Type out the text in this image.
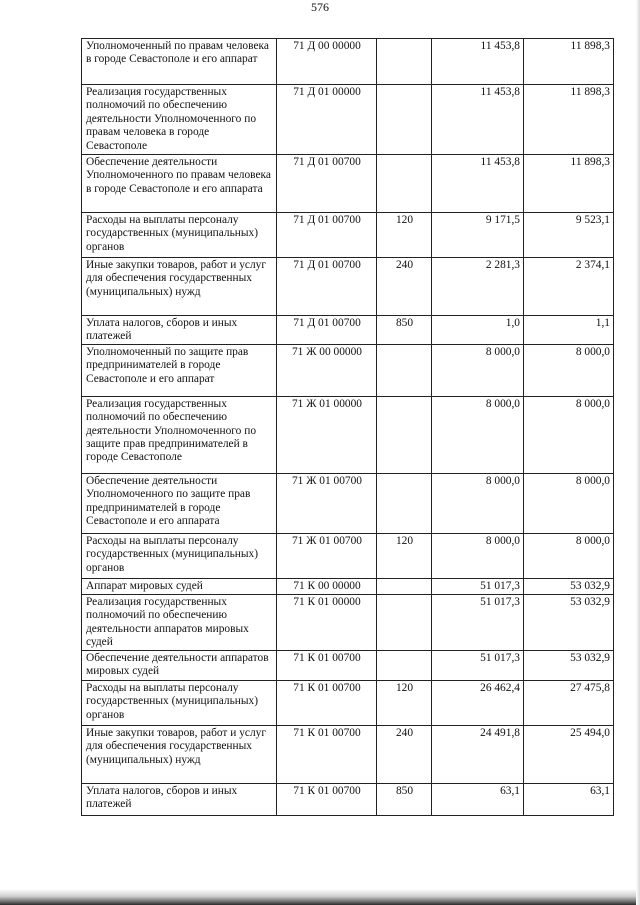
576
Уполномоченный по правам человека в городе Севастополе и его аппарат	71 Д 00 00000		11 453,8	11 898,3
Реализация государственных полномочий по обеспечению деятельности Уполномоченного по правам человека в городе Севастополе	71 Д 01 00000		11 453,8	11 898,3
Обеспечение деятельности Уполномоченного по правам человека в городе Севастополе и его аппарата	71 Д 01 00700		11 453,8	11 898,3
Расходы на выплаты персоналу государственных (муниципальных) органов	71 Д 01 00700	120	9 171,5	9 523,1
Иные закупки товаров, работ и услуг для обеспечения государственных (муниципальных) нужд	71 Д 01 00700	240	2 281,3	2 374,1
Уплата налогов, сборов и иных платежей	71 Д 01 00700	850	1,0	1,1
Уполномоченный по защите прав предпринимателей в городе Севастополе и его аппарат	71 Ж 00 00000		8 000,0	8 000,0
Реализация государственных полномочий по обеспечению деятельности Уполномоченного по защите прав предпринимателей в городе Севастополе	71 Ж 01 00000		8 000,0	8 000,0
Обеспечение деятельности Уполномоченного по защите прав предпринимателей в городе Севастополе и его аппарата	71 Ж 01 00700		8 000,0	8 000,0
Расходы на выплаты персоналу государственных (муниципальных) органов	71 Ж 01 00700	120	8 000,0	8 000,0
Аппарат мировых судей	71 К 00 00000		51 017,3	53 032,9
Реализация государственных полномочий по обеспечению деятельности аппаратов мировых судей	71 К 01 00000		51 017,3	53 032,9
Обеспечение деятельности аппаратов мировых судей	71 К 01 00700		51 017,3	53 032,9
Расходы на выплаты персоналу государственных (муниципальных) органов	71 К 01 00700	120	26 462,4	27 475,8
Иные закупки товаров, работ и услуг для обеспечения государственных (муниципальных) нужд	71 К 01 00700	240	24 491,8	25 494,0
Уплата налогов, сборов и иных платежей	71 К 01 00700	850	63,1	63,1
